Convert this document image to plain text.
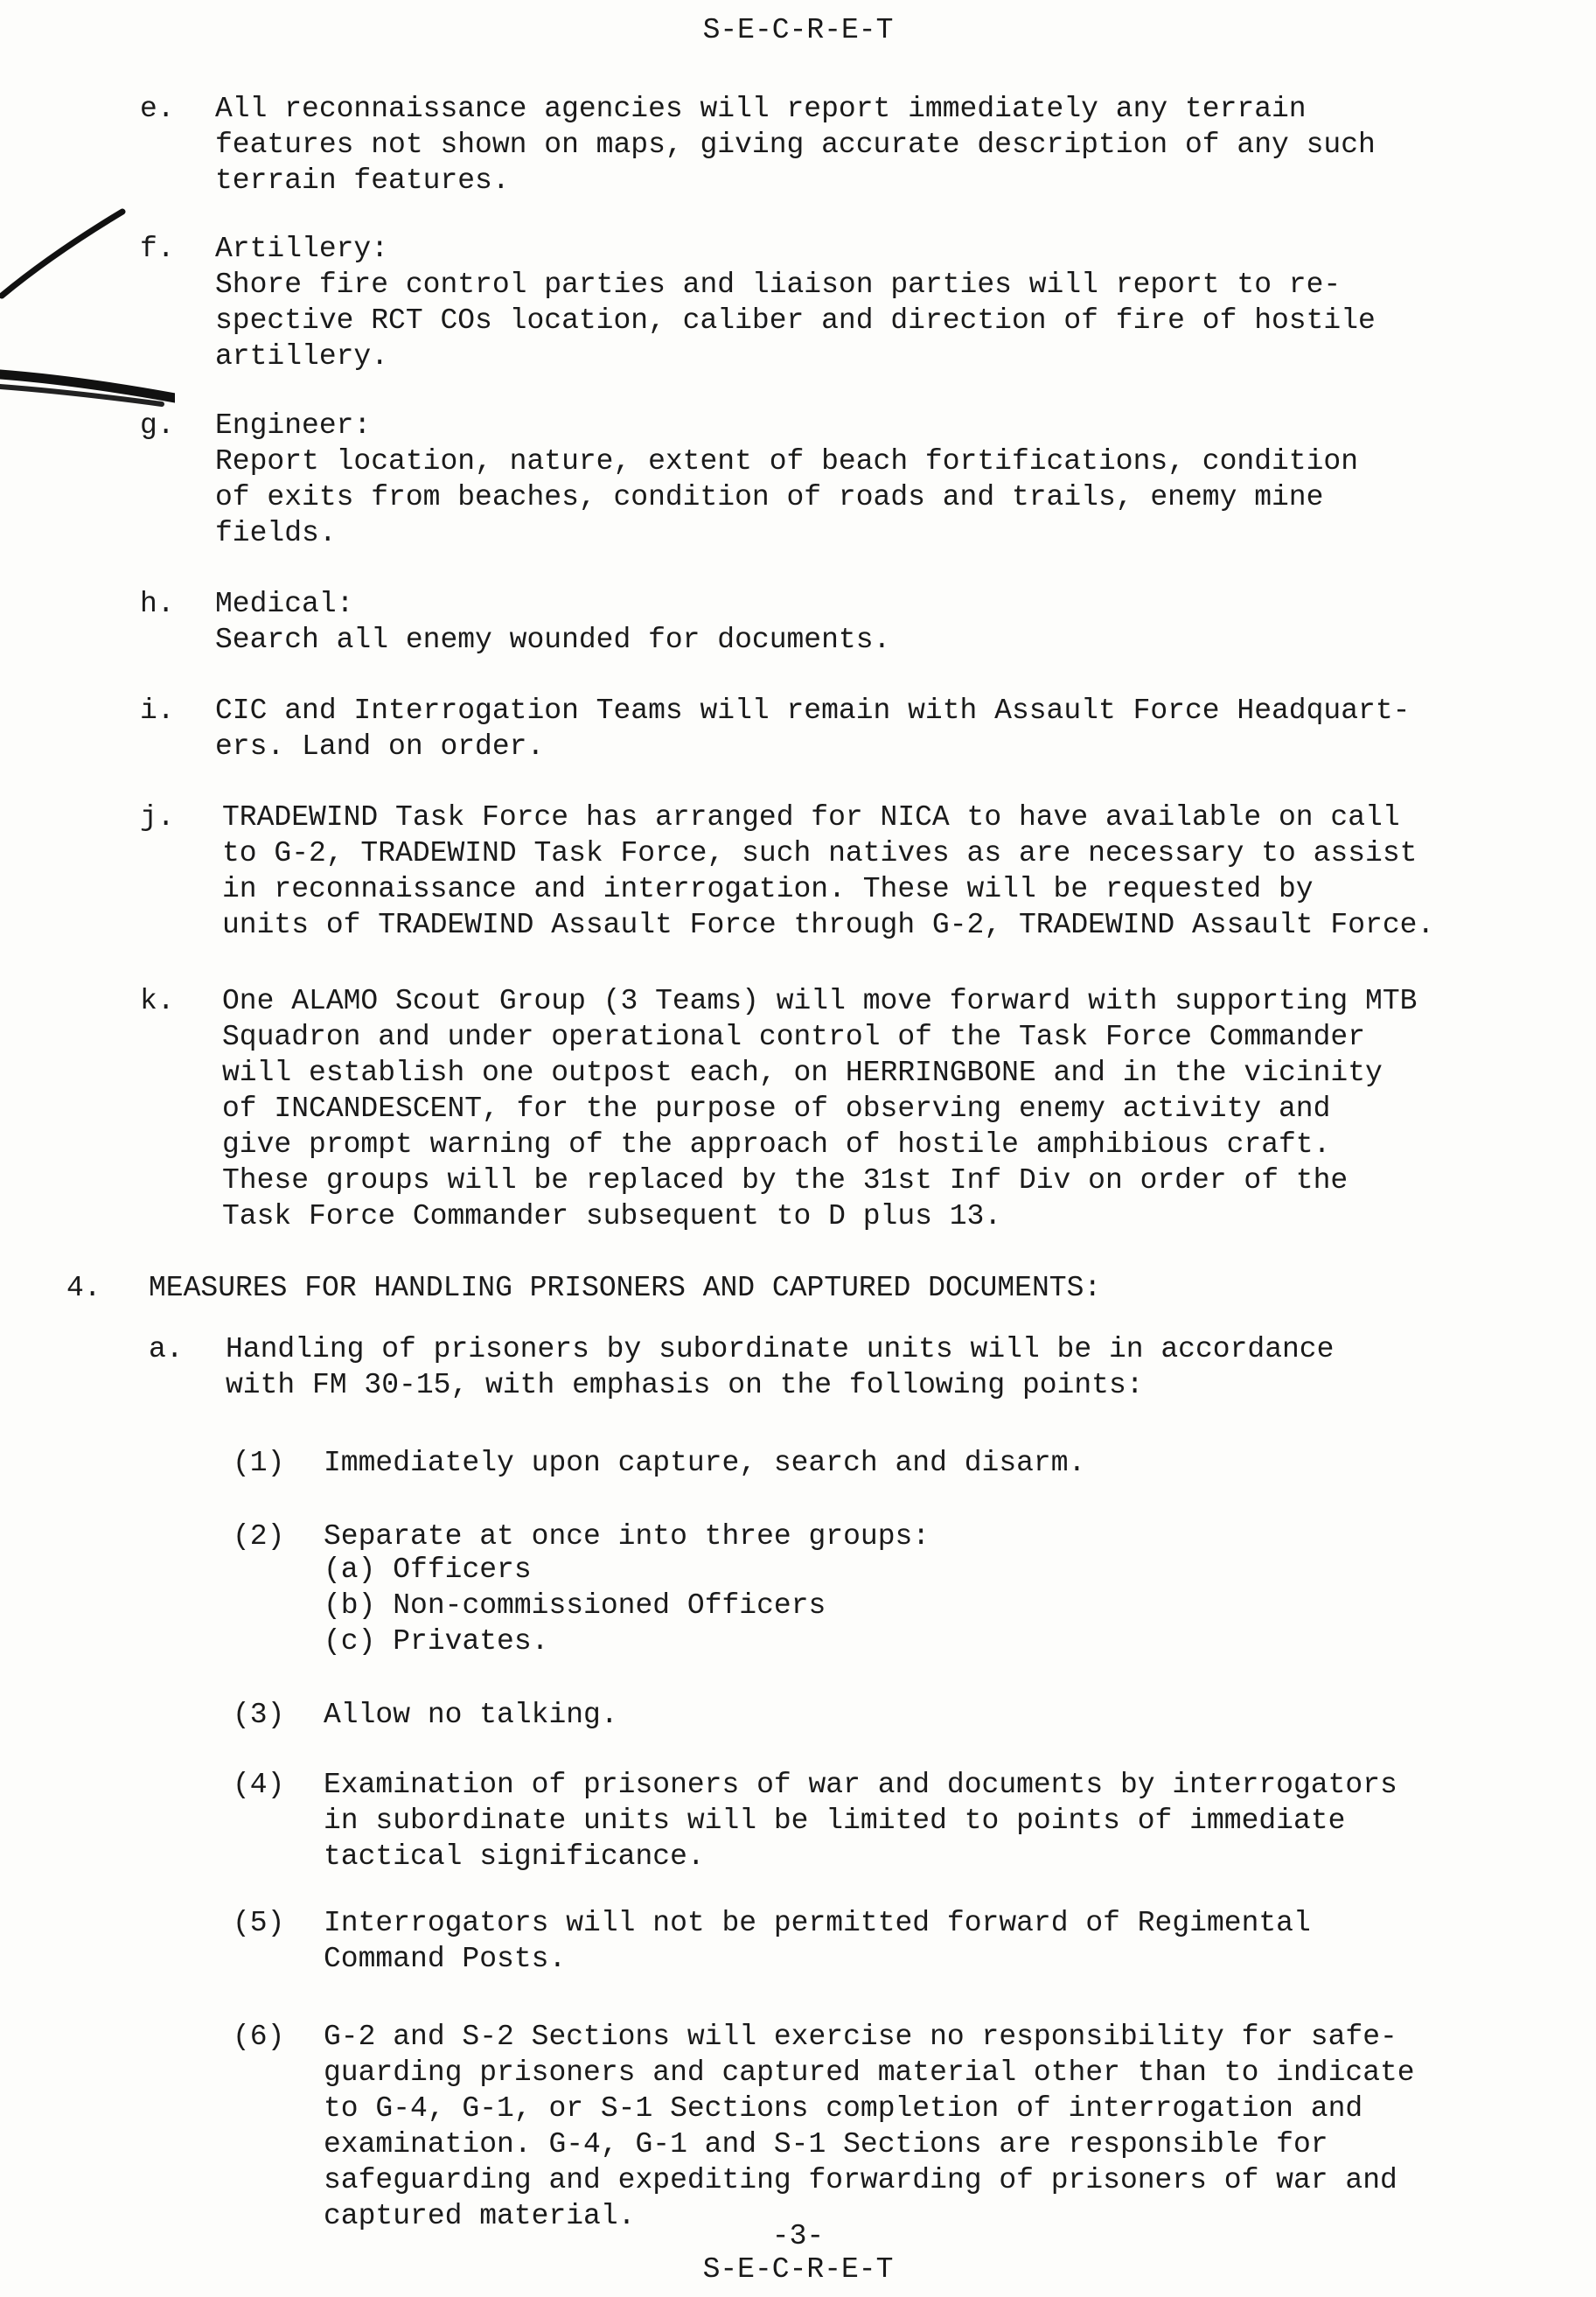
S-E-C-R-E-T
e. All reconnaissance agencies will report immediately any terrain
features not shown on maps, giving accurate description of any such
terrain features.
f. Artillery:
Shore fire control parties and liaison parties will report to re-
spective RCT COs location, caliber and direction of fire of hostile
artillery.
g. Engineer:
Report location, nature, extent of beach fortifications, condition
of exits from beaches, condition of roads and trails, enemy mine
fields.
h. Medical:
Search all enemy wounded for documents.
i. CIC and Interrogation Teams will remain with Assault Force Headquart-
ers. Land on order.
j. TRADEWIND Task Force has arranged for NICA to have available on call
to G-2, TRADEWIND Task Force, such natives as are necessary to assist
in reconnaissance and interrogation. These will be requested by
units of TRADEWIND Assault Force through G-2, TRADEWIND Assault Force.
k. One ALAMO Scout Group (3 Teams) will move forward with supporting MTB
Squadron and under operational control of the Task Force Commander
will establish one outpost each, on HERRINGBONE and in the vicinity
of INCANDESCENT, for the purpose of observing enemy activity and
give prompt warning of the approach of hostile amphibious craft.
These groups will be replaced by the 31st Inf Div on order of the
Task Force Commander subsequent to D plus 13.
4. MEASURES FOR HANDLING PRISONERS AND CAPTURED DOCUMENTS:
a. Handling of prisoners by subordinate units will be in accordance
with FM 30-15, with emphasis on the following points:
(1) Immediately upon capture, search and disarm.
(2) Separate at once into three groups:
(a) Officers
(b) Non-commissioned Officers
(c) Privates.
(3) Allow no talking.
(4) Examination of prisoners of war and documents by interrogators
in subordinate units will be limited to points of immediate
tactical significance.
(5) Interrogators will not be permitted forward of Regimental
Command Posts.
(6) G-2 and S-2 Sections will exercise no responsibility for safe-
guarding prisoners and captured material other than to indicate
to G-4, G-1, or S-1 Sections completion of interrogation and
examination. G-4, G-1 and S-1 Sections are responsible for
safeguarding and expediting forwarding of prisoners of war and
captured material.
-3-
S-E-C-R-E-T
